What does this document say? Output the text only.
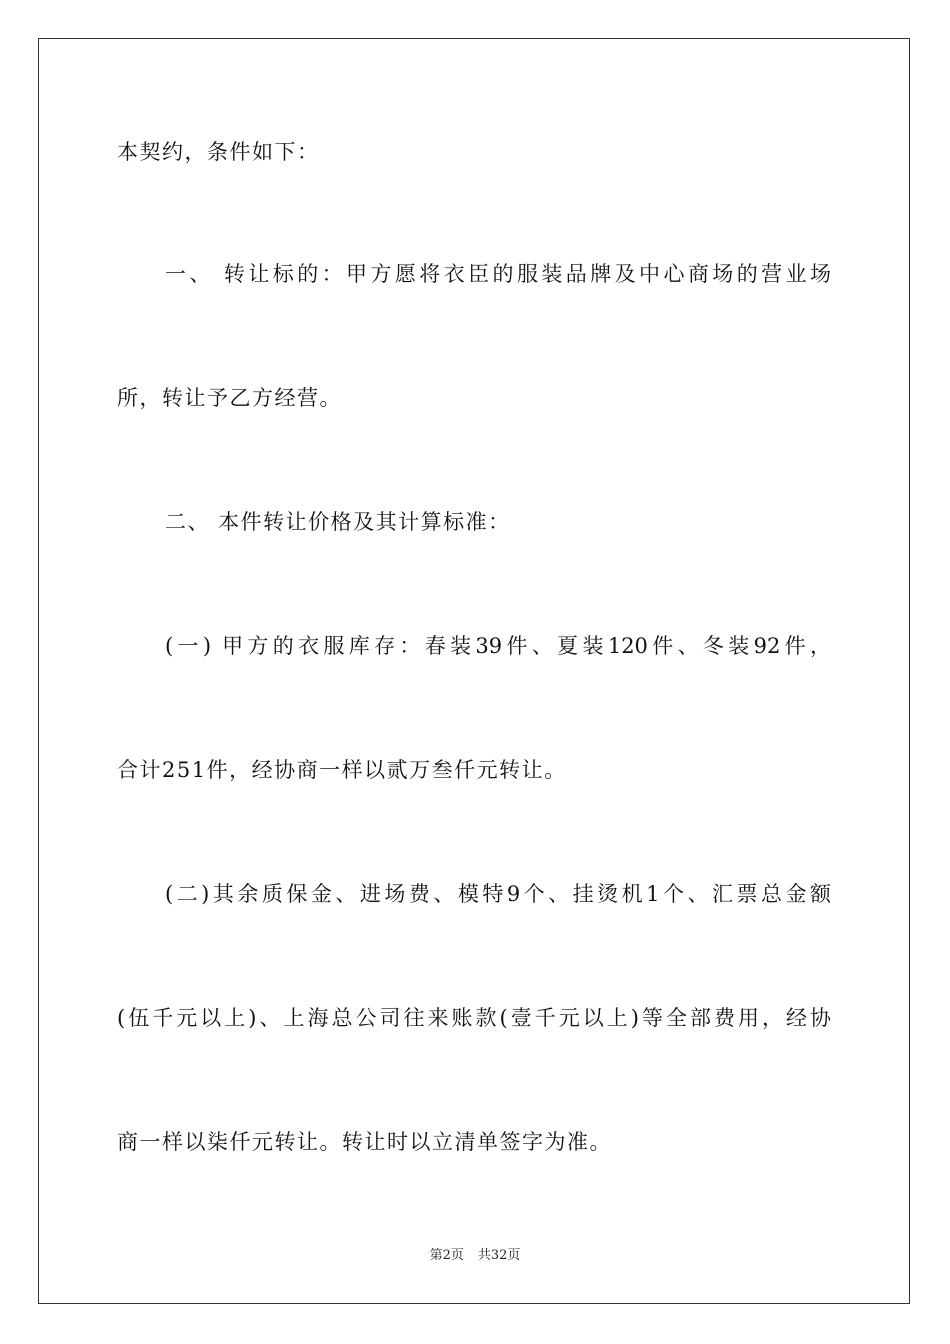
本契约，条件如下：
一、 转让标的：甲方愿将衣臣的服装品牌及中心商场的营业场
所，转让予乙方经营。
二、 本件转让价格及其计算标准：
(一) 甲方的衣服库存：春装39件、夏装120件、冬装92件，
合计251件，经协商一样以贰万叁仟元转让。
(二)其余质保金、进场费、模特9个、挂烫机1个、汇票总金额
(伍千元以上)、上海总公司往来账款(壹千元以上)等全部费用，经协
商一样以柒仟元转让。转让时以立清单签字为准。
第2页 共32页
